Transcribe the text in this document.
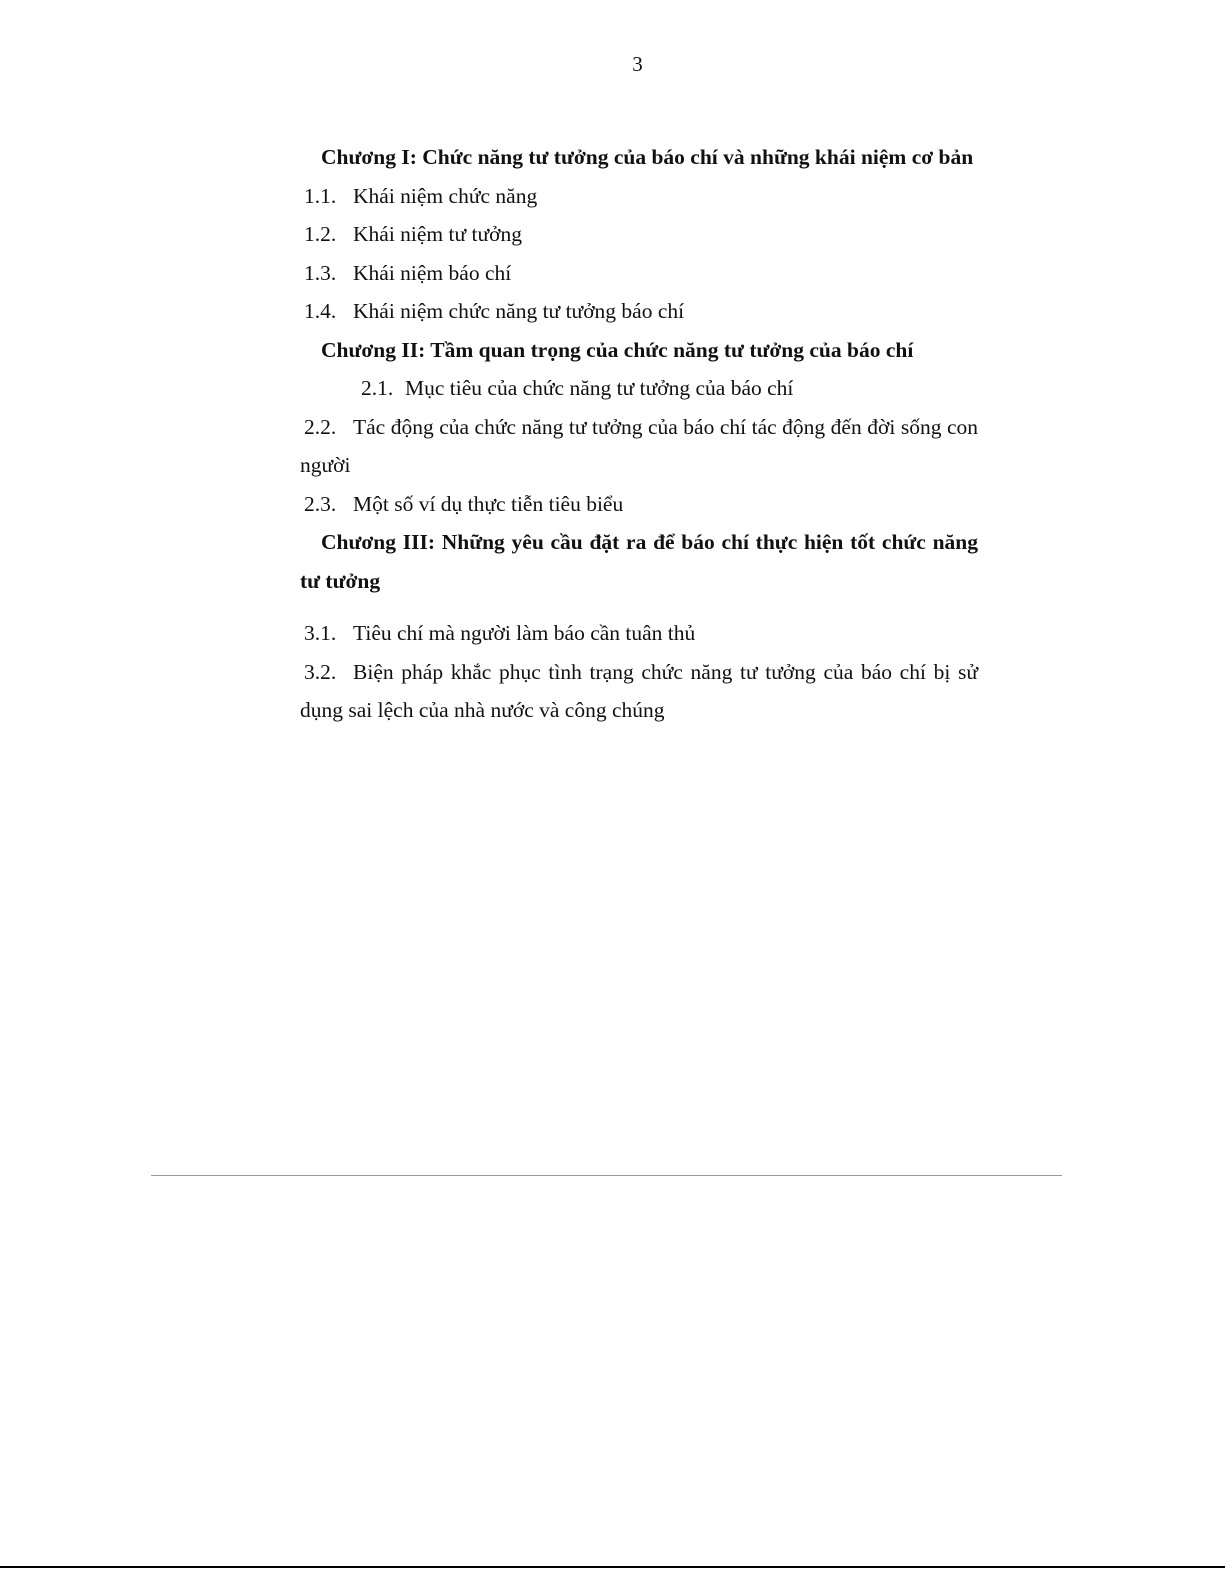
3
Chương I: Chức năng tư tưởng của báo chí và những khái niệm cơ bản
1.1. Khái niệm chức năng
1.2. Khái niệm tư tưởng
1.3. Khái niệm báo chí
1.4. Khái niệm chức năng tư tưởng báo chí
Chương II: Tầm quan trọng của chức năng tư tưởng của báo chí
2.1. Mục tiêu của chức năng tư tưởng của báo chí
2.2. Tác động của chức năng tư tưởng của báo chí tác động đến đời sống con người
2.3. Một số ví dụ thực tiễn tiêu biểu
Chương III: Những yêu cầu đặt ra để báo chí thực hiện tốt chức năng tư tưởng
3.1. Tiêu chí mà người làm báo cần tuân thủ
3.2. Biện pháp khắc phục tình trạng chức năng tư tưởng của báo chí bị sử dụng sai lệch của nhà nước và công chúng
